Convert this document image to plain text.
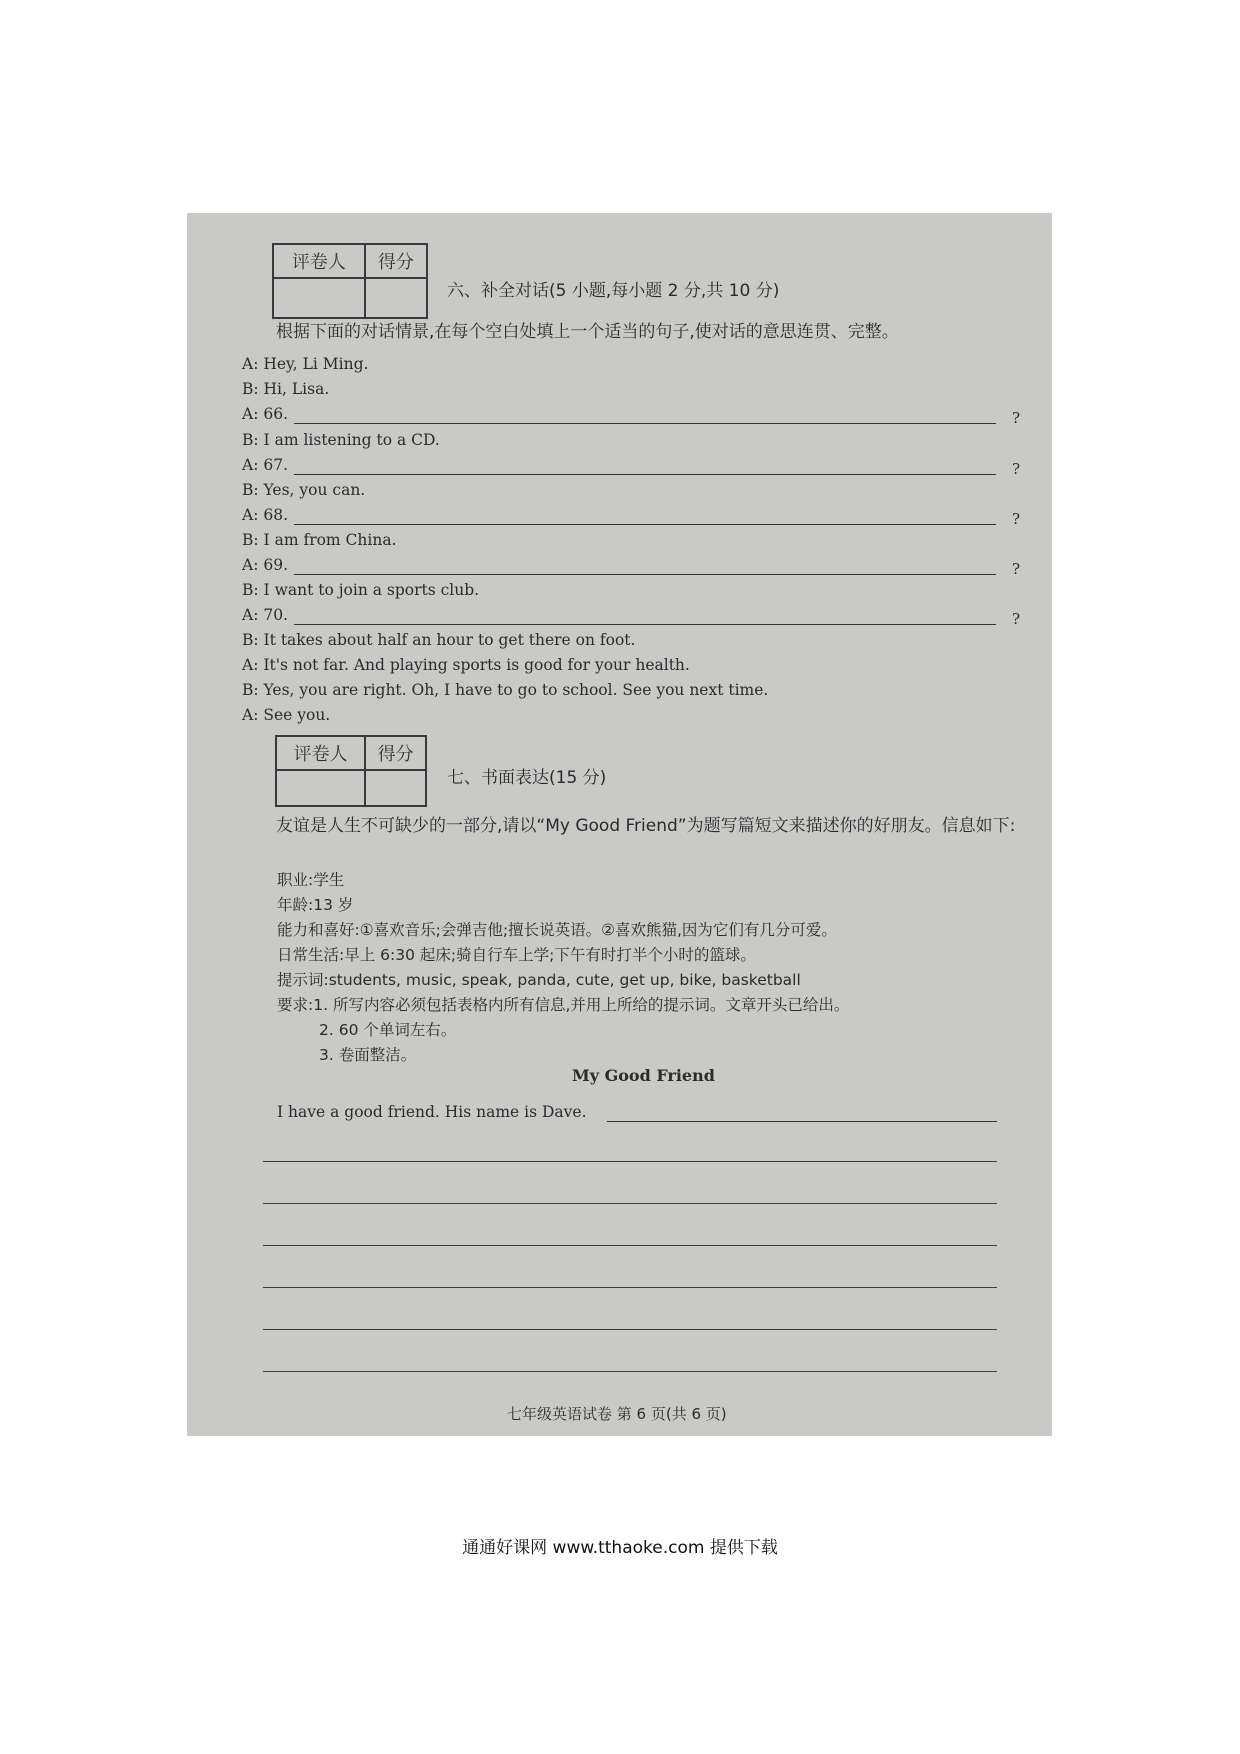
评卷人	得分

六、补全对话(5 小题,每小题 2 分,共 10 分)
根据下面的对话情景,在每个空白处填上一个适当的句子,使对话的意思连贯、完整。
A: Hey, Li Ming.
B: Hi, Lisa.
A: 66.	?
B: I am listening to a CD.
A: 67.	?
B: Yes, you can.
A: 68.	?
B: I am from China.
A: 69.	?
B: I want to join a sports club.
A: 70.	?
B: It takes about half an hour to get there on foot.
A: It's not far. And playing sports is good for your health.
B: Yes, you are right. Oh, I have to go to school. See you next time.
A: See you.
评卷人	得分

七、书面表达(15 分)
友谊是人生不可缺少的一部分,请以“My Good Friend”为题写篇短文来描述你的好朋友。信息如下:
职业:学生
年龄:13 岁
能力和喜好:①喜欢音乐;会弹吉他;擅长说英语。②喜欢熊猫,因为它们有几分可爱。
日常生活:早上 6:30 起床;骑自行车上学;下午有时打半个小时的篮球。
提示词:students, music, speak, panda, cute, get up, bike, basketball
要求:1. 所写内容必须包括表格内所有信息,并用上所给的提示词。文章开头已给出。
2. 60 个单词左右。
3. 卷面整洁。
My Good Friend
I have a good friend. His name is Dave.
七年级英语试卷 第 6 页(共 6 页)
通通好课网 www.tthaoke.com 提供下载
